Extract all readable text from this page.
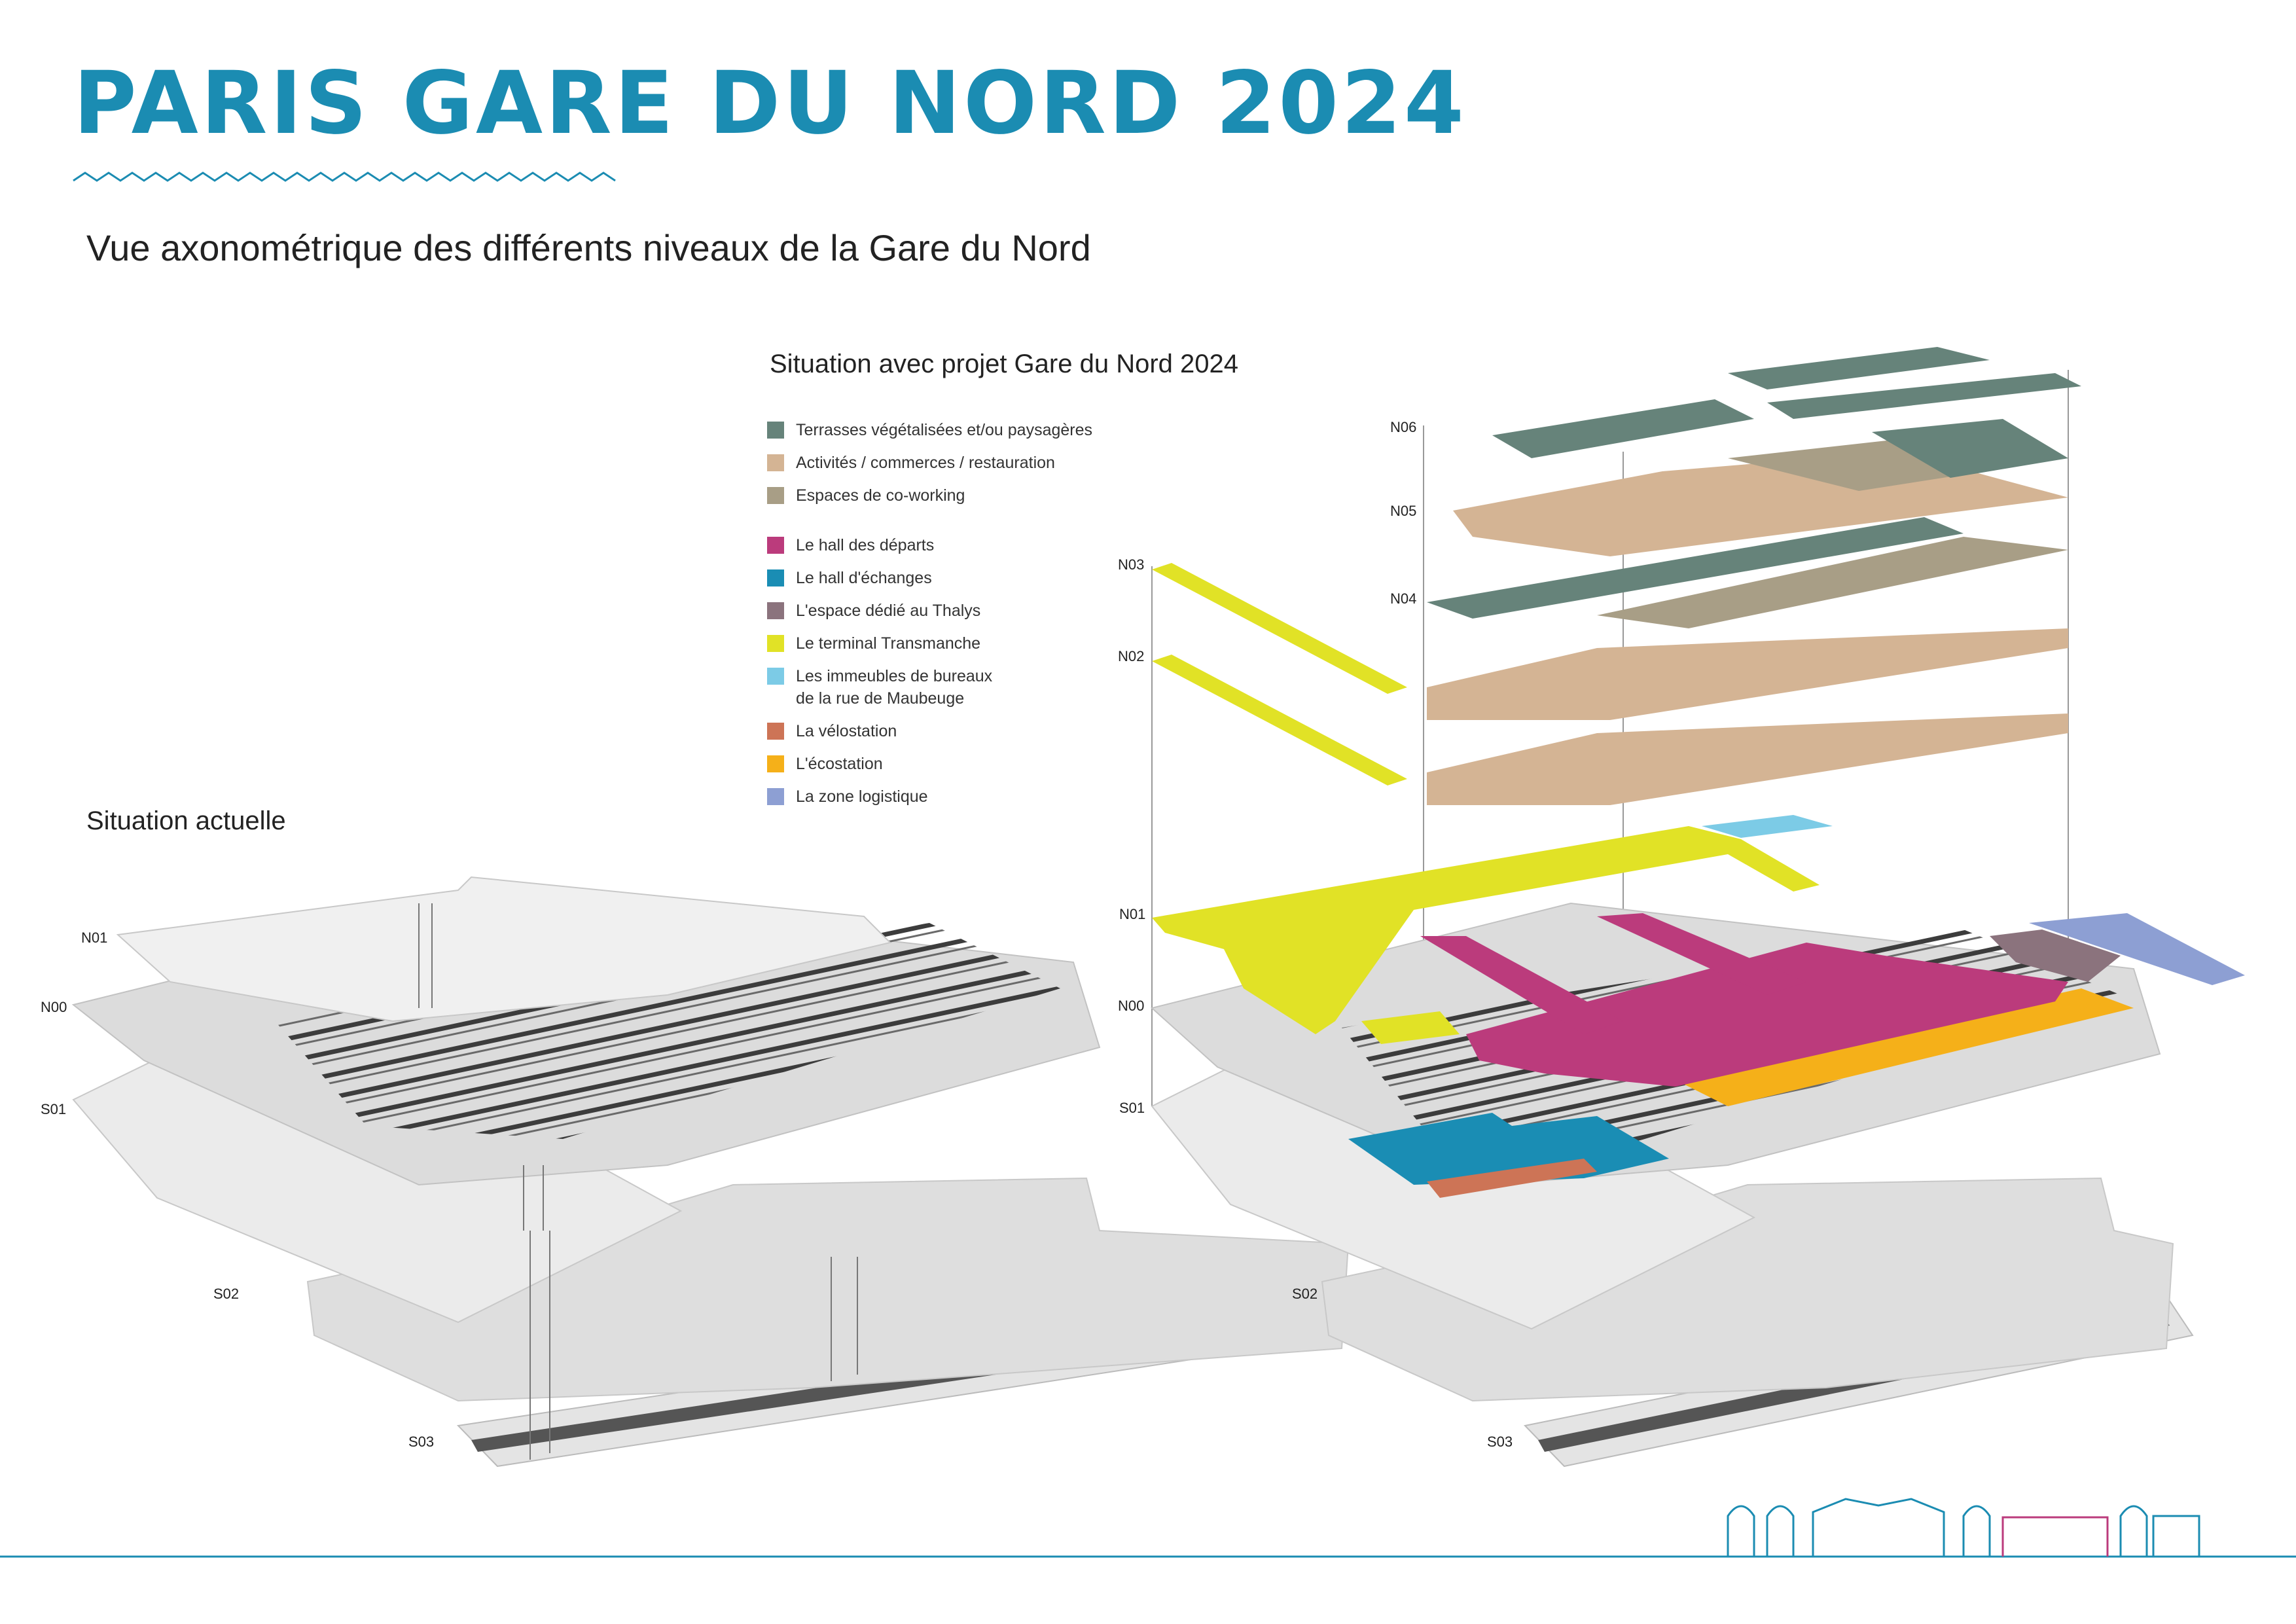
PARIS GARE DU NORD 2024
Vue axonométrique des différents niveaux de la Gare du Nord
Situation avec projet Gare du Nord 2024
Situation actuelle
Terrasses végétalisées et/ou paysagères
Activités / commerces / restauration
Espaces de co-working
Le hall des départs
Le hall d'échanges
L'espace dédié au Thalys
Le terminal Transmanche
Les immeubles de bureaux
de la rue de Maubeuge
La vélostation
L'écostation
La zone logistique
N01
N00
S01
S02
S03
N06
N05
N04
N03
N02
N01
N00
S01
S02
S03
